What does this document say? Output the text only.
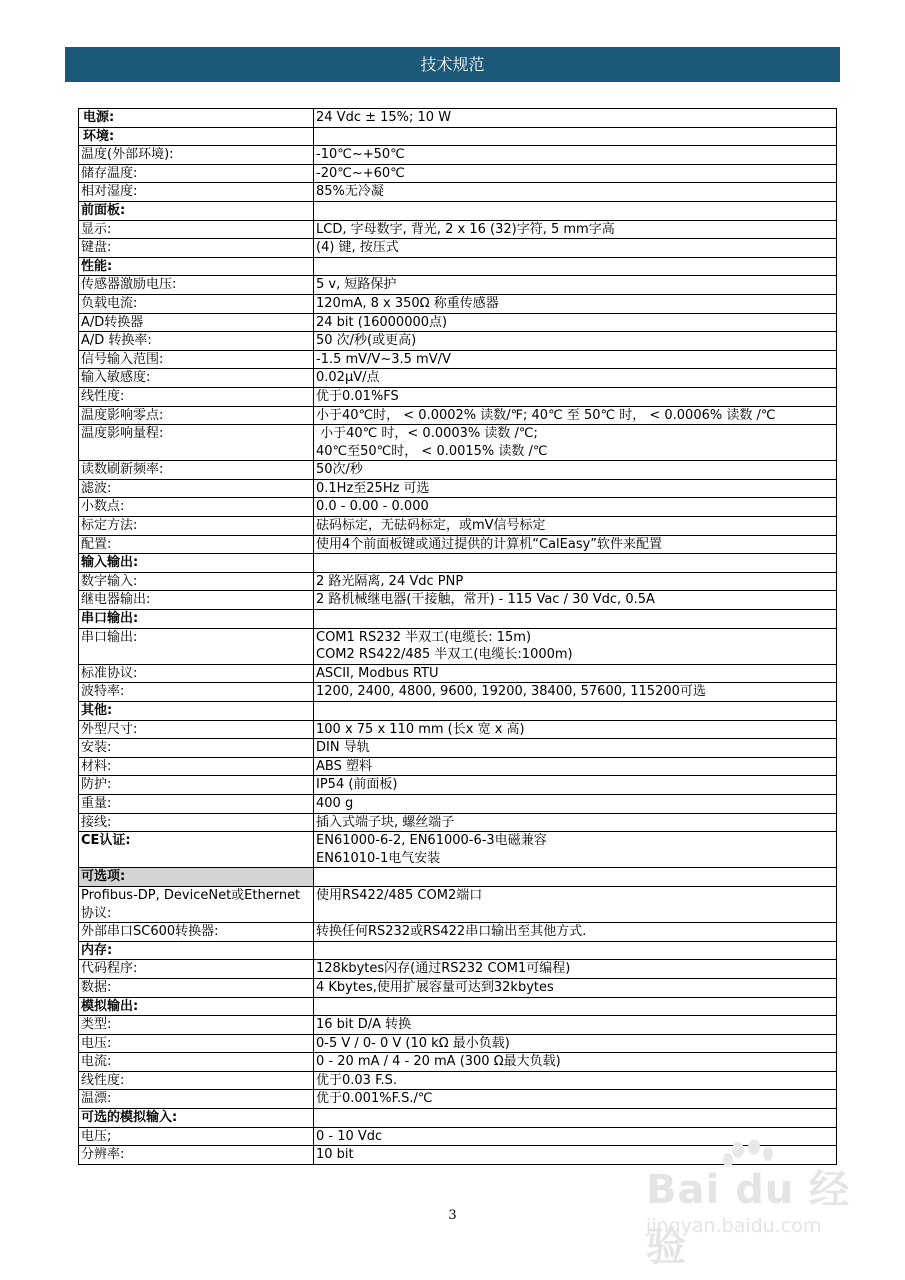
技术规范
电源:	24 Vdc ± 15%; 10 W

环境:	

温度(外部环境):	-10℃~+50℃

储存温度:	-20℃~+60℃

相对湿度:	85%无冷凝

前面板:	

显示:	LCD, 字母数字, 背光, 2 x 16 (32)字符, 5 mm字高

键盘:	(4) 键, 按压式

性能:	

传感器激励电压:	5 v, 短路保护

负载电流:	120mA, 8 x 350Ω 称重传感器

A/D转换器	24 bit (16000000点)

A/D 转换率:	50 次/秒(或更高)

信号输入范围:	-1.5 mV/V~3.5 mV/V

输入敏感度:	0.02μV/点

线性度:	优于0.01%FS

温度影响零点:	小于40℃时， < 0.0002% 读数/℉; 40℃ 至 50℃ 时， < 0.0006% 读数 /℃

温度影响量程:	小于40℃ 时，< 0.0003% 读数 /℃;
40℃至50℃时， < 0.0015% 读数 /℃

读数刷新频率:	50次/秒

滤波:	0.1Hz至25Hz 可选

小数点:	0.0 - 0.00 - 0.000

标定方法:	砝码标定，无砝码标定，或mV信号标定

配置:	使用4个前面板键或通过提供的计算机“CalEasy”软件来配置

输入输出:	

数字输入:	2 路光隔离, 24 Vdc PNP

继电器输出:	2 路机械继电器(干接触，常开) - 115 Vac / 30 Vdc, 0.5A

串口输出:	

串口输出:	COM1 RS232 半双工(电缆长: 15m)
COM2 RS422/485 半双工(电缆长:1000m)

标准协议:	ASCII, Modbus RTU

波特率:	1200, 2400, 4800, 9600, 19200, 38400, 57600, 115200可选

其他:	

外型尺寸:	100 x 75 x 110 mm (长x 宽 x 高)

安装:	DIN 导轨

材料:	ABS 塑料

防护:	IP54 (前面板)

重量:	400 g

接线:	插入式端子块, 螺丝端子

CE认证:	EN61000-6-2, EN61000-6-3电磁兼容
EN61010-1电气安装

可选项:	

Profibus-DP, DeviceNet或Ethernet
协议:	使用RS422/485 COM2端口

外部串口SC600转换器:	转换任何RS232或RS422串口输出至其他方式.

内存:	

代码程序:	128kbytes闪存(通过RS232 COM1可编程)

数据:	4 Kbytes,使用扩展容量可达到32kbytes

模拟输出:	

类型:	16 bit D/A 转换

电压:	0-5 V / 0- 0 V (10 kΩ 最小负载)

电流:	0 - 20 mA / 4 - 20 mA (300 Ω最大负载)

线性度:	优于0.03 F.S.

温漂:	优于0.001%F.S./℃

可选的模拟输入:	

电压;	0 - 10 Vdc

分辨率:	10 bit
3
Bai du 经验
jingyan.baidu.com
